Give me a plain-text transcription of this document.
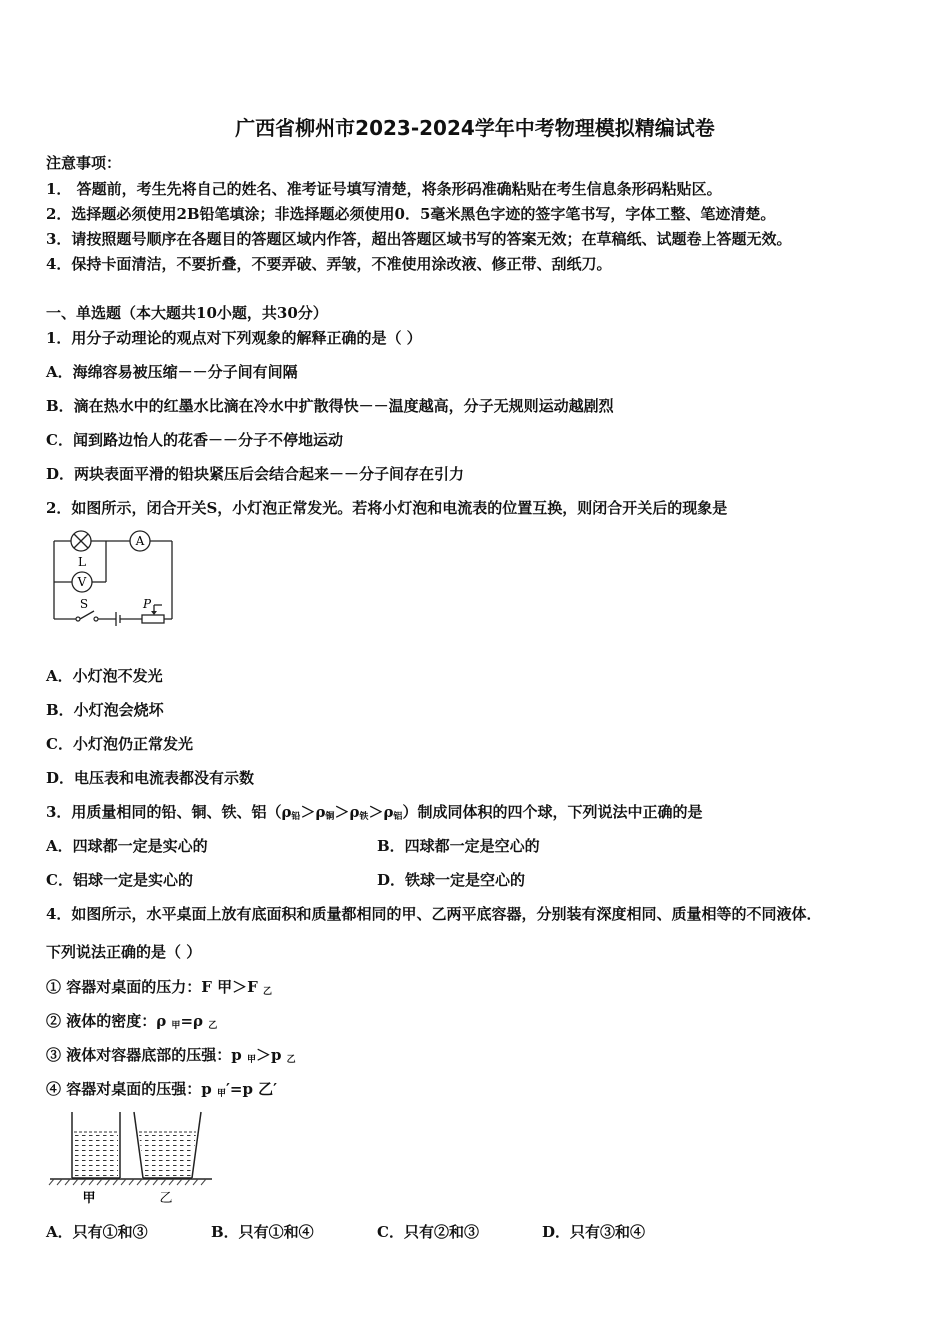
广西省柳州市2023-2024学年中考物理模拟精编试卷
注意事项：
1． 答题前，考生先将自己的姓名、准考证号填写清楚，将条形码准确粘贴在考生信息条形码粘贴区。
2．选择题必须使用2B铅笔填涂；非选择题必须使用0．5毫米黑色字迹的签字笔书写，字体工整、笔迹清楚。
3．请按照题号顺序在各题目的答题区域内作答，超出答题区域书写的答案无效；在草稿纸、试题卷上答题无效。
4．保持卡面清洁，不要折叠，不要弄破、弄皱，不准使用涂改液、修正带、刮纸刀。
一、单选题（本大题共10小题，共30分）
1．用分子动理论的观点对下列观象的解释正确的是（ ）
A．海绵容易被压缩－－分子间有间隔
B．滴在热水中的红墨水比滴在冷水中扩散得快－－温度越高，分子无规则运动越剧烈
C．闻到路边怡人的花香－－分子不停地运动
D．两块表面平滑的铅块紧压后会结合起来－－分子间存在引力
2．如图所示，闭合开关S，小灯泡正常发光。若将小灯泡和电流表的位置互换，则闭合开关后的现象是
A
V
L
S	P
A．小灯泡不发光
B．小灯泡会烧坏
C．小灯泡仍正常发光
D．电压表和电流表都没有示数
3．用质量相同的铅、铜、铁、铝$(\rho_铅>\rho_铜>\rho_铁>\rho_铝)$制成同体积的四个球，下列说法中正确的是
A．四球都一定是实心的	B．四球都一定是空心的
C．铝球一定是实心的	D．铁球一定是空心的
4．如图所示，水平桌面上放有底面积和质量都相同的甲、乙两平底容器，分别装有深度相同、质量相等的不同液体．
下列说法正确的是（ ）
① 容器对桌面的压力：F 甲＞F $_乙$
② 液体的密度：ρ $_甲$=ρ $_乙$
③ 液体对容器底部的压强：p $_甲$＞p $_乙$
④ 容器对桌面的压强：p $_甲$′=p 乙′
甲	乙
A．只有①和③	B．只有①和④	C．只有②和③	D．只有③和④
